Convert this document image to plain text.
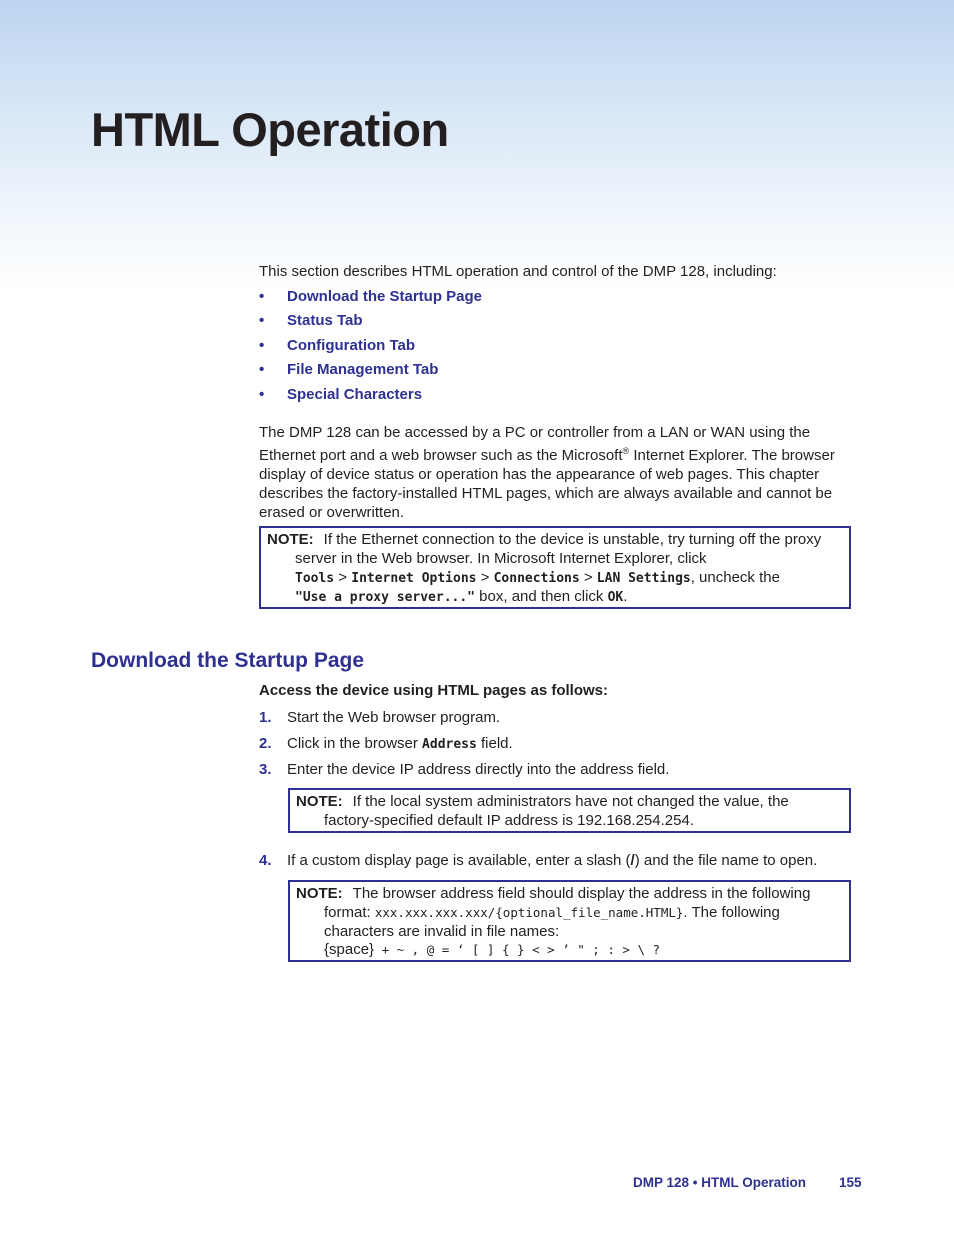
HTML Operation

This section describes HTML operation and control of the DMP 128, including:

• Download the Startup Page
• Status Tab
• Configuration Tab
• File Management Tab
• Special Characters

The DMP 128 can be accessed by a PC or controller from a LAN or WAN using the Ethernet port and a web browser such as the Microsoft® Internet Explorer. The browser display of device status or operation has the appearance of web pages. This chapter describes the factory-installed HTML pages, which are always available and cannot be erased or overwritten.

NOTE: If the Ethernet connection to the device is unstable, try turning off the proxy
server in the Web browser. In Microsoft Internet Explorer, click
Tools > Internet Options > Connections > LAN Settings, uncheck the
"Use a proxy server..." box, and then click OK.
Download the Startup Page

Access the device using HTML pages as follows:

1. Start the Web browser program.
2. Click in the browser Address field.
3. Enter the device IP address directly into the address field.
NOTE: If the local system administrators have not changed the value, the
factory-specified default IP address is 192.168.254.254.
4. If a custom display page is available, enter a slash (/) and the file name to open.
NOTE: The browser address field should display the address in the following
format: xxx.xxx.xxx.xxx/{optional_file_name.HTML}. The following
characters are invalid in file names:
{space} + ~ , @ = ‘ [ ] { } < > ’ " ; : > \ ?
DMP 128 • HTML Operation 155
